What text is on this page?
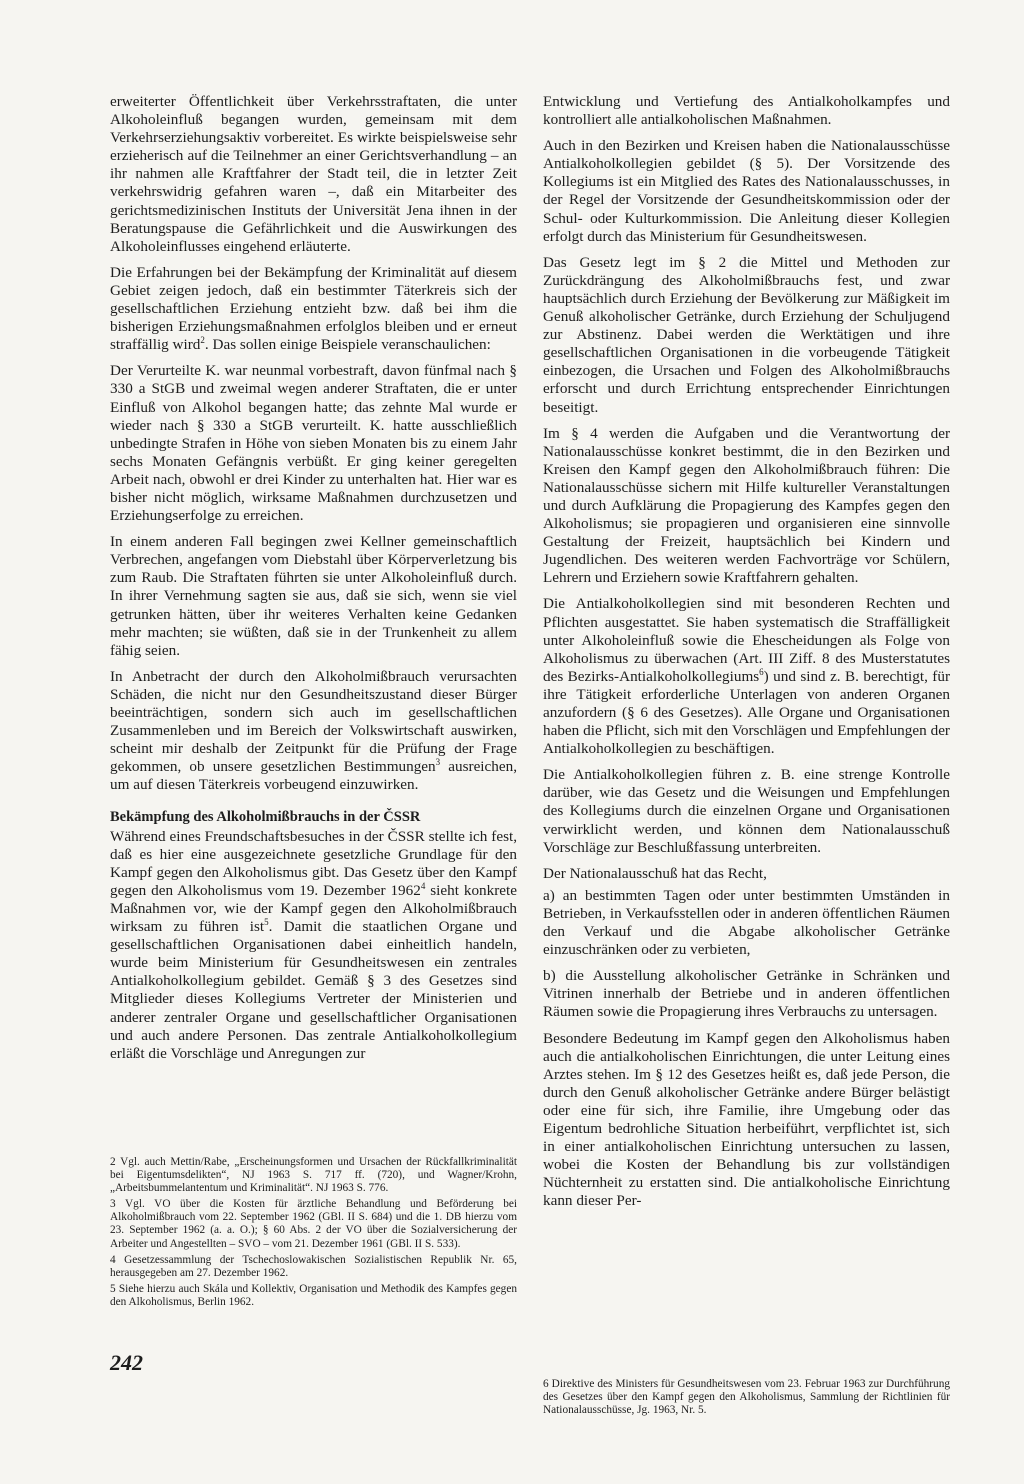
erweiterter Öffentlichkeit über Verkehrsstraftaten, die unter Alkoholeinfluß begangen wurden, gemeinsam mit dem Verkehrserziehungsaktiv vorbereitet. Es wirkte beispielsweise sehr erzieherisch auf die Teilnehmer an einer Gerichtsverhandlung – an ihr nahmen alle Kraftfahrer der Stadt teil, die in letzter Zeit verkehrswidrig gefahren waren –, daß ein Mitarbeiter des gerichtsmedizinischen Instituts der Universität Jena ihnen in der Beratungspause die Gefährlichkeit und die Auswirkungen des Alkoholeinflusses eingehend erläuterte.

Die Erfahrungen bei der Bekämpfung der Kriminalität auf diesem Gebiet zeigen jedoch, daß ein bestimmter Täterkreis sich der gesellschaftlichen Erziehung entzieht bzw. daß bei ihm die bisherigen Erziehungsmaßnahmen erfolglos bleiben und er erneut straffällig wird$^2$. Das sollen einige Beispiele veranschaulichen:

Der Verurteilte K. war neunmal vorbestraft, davon fünfmal nach § 330 a StGB und zweimal wegen anderer Straftaten, die er unter Einfluß von Alkohol begangen hatte; das zehnte Mal wurde er wieder nach § 330 a StGB verurteilt. K. hatte ausschließlich unbedingte Strafen in Höhe von sieben Monaten bis zu einem Jahr sechs Monaten Gefängnis verbüßt. Er ging keiner geregelten Arbeit nach, obwohl er drei Kinder zu unterhalten hat. Hier war es bisher nicht möglich, wirksame Maßnahmen durchzusetzen und Erziehungserfolge zu erreichen.

In einem anderen Fall begingen zwei Kellner gemeinschaftlich Verbrechen, angefangen vom Diebstahl über Körperverletzung bis zum Raub. Die Straftaten führten sie unter Alkoholeinfluß durch. In ihrer Vernehmung sagten sie aus, daß sie sich, wenn sie viel getrunken hätten, über ihr weiteres Verhalten keine Gedanken mehr machten; sie wüßten, daß sie in der Trunkenheit zu allem fähig seien.

In Anbetracht der durch den Alkoholmißbrauch verursachten Schäden, die nicht nur den Gesundheitszustand dieser Bürger beeinträchtigen, sondern sich auch im gesellschaftlichen Zusammenleben und im Bereich der Volkswirtschaft auswirken, scheint mir deshalb der Zeitpunkt für die Prüfung der Frage gekommen, ob unsere gesetzlichen Bestimmungen$^3$ ausreichen, um auf diesen Täterkreis vorbeugend einzuwirken.

Bekämpfung des Alkoholmißbrauchs in der ČSSR

Während eines Freundschaftsbesuches in der ČSSR stellte ich fest, daß es hier eine ausgezeichnete gesetzliche Grundlage für den Kampf gegen den Alkoholismus gibt. Das Gesetz über den Kampf gegen den Alkoholismus vom 19. Dezember 1962$^4$ sieht konkrete Maßnahmen vor, wie der Kampf gegen den Alkoholmißbrauch wirksam zu führen ist$^5$. Damit die staatlichen Organe und gesellschaftlichen Organisationen dabei einheitlich handeln, wurde beim Ministerium für Gesundheitswesen ein zentrales Antialkoholkollegium gebildet. Gemäß § 3 des Gesetzes sind Mitglieder dieses Kollegiums Vertreter der Ministerien und anderer zentraler Organe und gesellschaftlicher Organisationen und auch andere Personen. Das zentrale Antialkoholkollegium erläßt die Vorschläge und Anregungen zur

2 Vgl. auch Mettin/Rabe, „Erscheinungsformen und Ursachen der Rückfallkriminalität bei Eigentumsdelikten“, NJ 1963 S. 717 ff. (720), und Wagner/Krohn, „Arbeitsbummelantentum und Kriminalität“. NJ 1963 S. 776.

3 Vgl. VO über die Kosten für ärztliche Behandlung und Beförderung bei Alkoholmißbrauch vom 22. September 1962 (GBl. II S. 684) und die 1. DB hierzu vom 23. September 1962 (a. a. O.); § 60 Abs. 2 der VO über die Sozialversicherung der Arbeiter und Angestellten – SVO – vom 21. Dezember 1961 (GBl. II S. 533).

4 Gesetzessammlung der Tschechoslowakischen Sozialistischen Republik Nr. 65, herausgegeben am 27. Dezember 1962.

5 Siehe hierzu auch Skála und Kollektiv, Organisation und Methodik des Kampfes gegen den Alkoholismus, Berlin 1962.

Entwicklung und Vertiefung des Antialkoholkampfes und kontrolliert alle antialkoholischen Maßnahmen.

Auch in den Bezirken und Kreisen haben die Nationalausschüsse Antialkoholkollegien gebildet (§ 5). Der Vorsitzende des Kollegiums ist ein Mitglied des Rates des Nationalausschusses, in der Regel der Vorsitzende der Gesundheitskommission oder der Schul- oder Kulturkommission. Die Anleitung dieser Kollegien erfolgt durch das Ministerium für Gesundheitswesen.

Das Gesetz legt im § 2 die Mittel und Methoden zur Zurückdrängung des Alkoholmißbrauchs fest, und zwar hauptsächlich durch Erziehung der Bevölkerung zur Mäßigkeit im Genuß alkoholischer Getränke, durch Erziehung der Schuljugend zur Abstinenz. Dabei werden die Werktätigen und ihre gesellschaftlichen Organisationen in die vorbeugende Tätigkeit einbezogen, die Ursachen und Folgen des Alkoholmißbrauchs erforscht und durch Errichtung entsprechender Einrichtungen beseitigt.

Im § 4 werden die Aufgaben und die Verantwortung der Nationalausschüsse konkret bestimmt, die in den Bezirken und Kreisen den Kampf gegen den Alkoholmißbrauch führen: Die Nationalausschüsse sichern mit Hilfe kultureller Veranstaltungen und durch Aufklärung die Propagierung des Kampfes gegen den Alkoholismus; sie propagieren und organisieren eine sinnvolle Gestaltung der Freizeit, hauptsächlich bei Kindern und Jugendlichen. Des weiteren werden Fachvorträge vor Schülern, Lehrern und Erziehern sowie Kraftfahrern gehalten.

Die Antialkoholkollegien sind mit besonderen Rechten und Pflichten ausgestattet. Sie haben systematisch die Straffälligkeit unter Alkoholeinfluß sowie die Ehescheidungen als Folge von Alkoholismus zu überwachen (Art. III Ziff. 8 des Musterstatutes des Bezirks-Antialkoholkollegiums$^6$) und sind z. B. berechtigt, für ihre Tätigkeit erforderliche Unterlagen von anderen Organen anzufordern (§ 6 des Gesetzes). Alle Organe und Organisationen haben die Pflicht, sich mit den Vorschlägen und Empfehlungen der Antialkoholkollegien zu beschäftigen.

Die Antialkoholkollegien führen z. B. eine strenge Kontrolle darüber, wie das Gesetz und die Weisungen und Empfehlungen des Kollegiums durch die einzelnen Organe und Organisationen verwirklicht werden, und können dem Nationalausschuß Vorschläge zur Beschlußfassung unterbreiten.

Der Nationalausschuß hat das Recht,

a) an bestimmten Tagen oder unter bestimmten Umständen in Betrieben, in Verkaufsstellen oder in anderen öffentlichen Räumen den Verkauf und die Abgabe alkoholischer Getränke einzuschränken oder zu verbieten,

b) die Ausstellung alkoholischer Getränke in Schränken und Vitrinen innerhalb der Betriebe und in anderen öffentlichen Räumen sowie die Propagierung ihres Verbrauchs zu untersagen.

Besondere Bedeutung im Kampf gegen den Alkoholismus haben auch die antialkoholischen Einrichtungen, die unter Leitung eines Arztes stehen. Im § 12 des Gesetzes heißt es, daß jede Person, die durch den Genuß alkoholischer Getränke andere Bürger belästigt oder eine für sich, ihre Familie, ihre Umgebung oder das Eigentum bedrohliche Situation herbeiführt, verpflichtet ist, sich in einer antialkoholischen Einrichtung untersuchen zu lassen, wobei die Kosten der Behandlung bis zur vollständigen Nüchternheit zu erstatten sind. Die antialkoholische Einrichtung kann dieser Per-

6 Direktive des Ministers für Gesundheitswesen vom 23. Februar 1963 zur Durchführung des Gesetzes über den Kampf gegen den Alkoholismus, Sammlung der Richtlinien für Nationalausschüsse, Jg. 1963, Nr. 5.

242
